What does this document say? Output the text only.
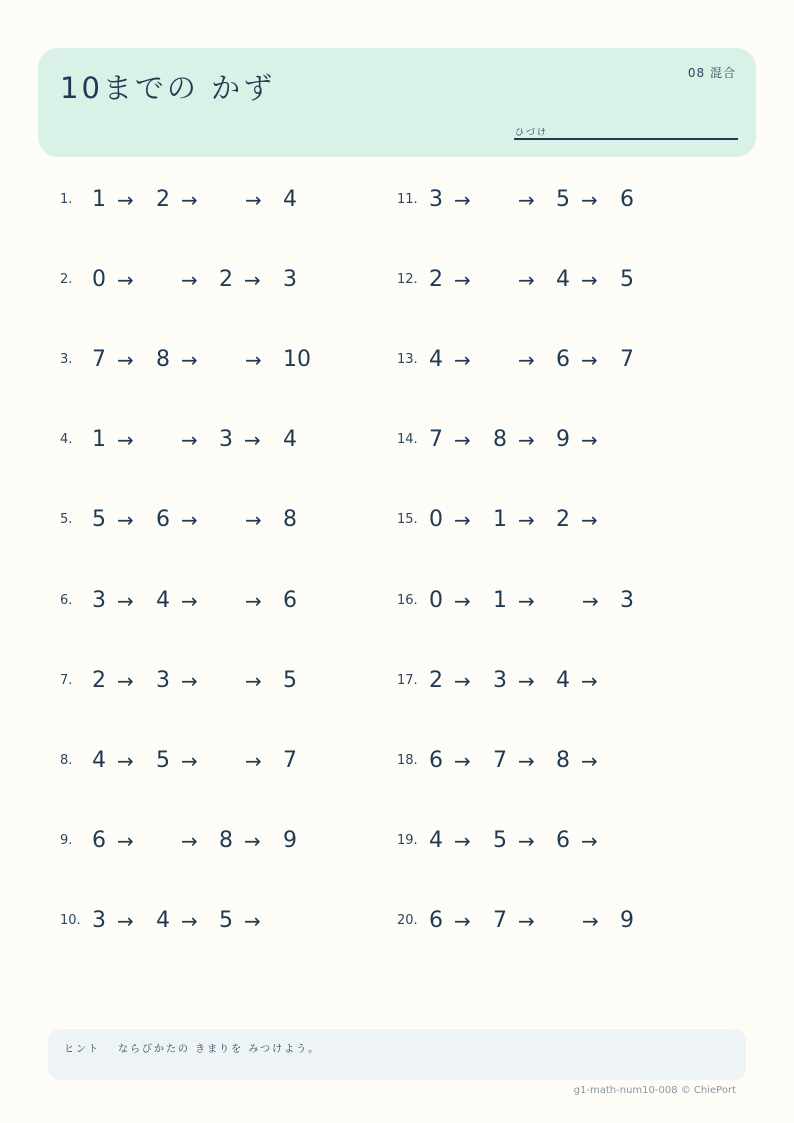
10までの かず	08 混合
ひづけ
1. 1 → 2 → → 4
2. 0 → → 2 → 3
3. 7 → 8 → → 10
4. 1 → → 3 → 4
5. 5 → 6 → → 8
6. 3 → 4 → → 6
7. 2 → 3 → → 5
8. 4 → 5 → → 7
9. 6 → → 8 → 9
10. 3 → 4 → 5 →
11. 3 → → 5 → 6
12. 2 → → 4 → 5
13. 4 → → 6 → 7
14. 7 → 8 → 9 →
15. 0 → 1 → 2 →
16. 0 → 1 → → 3
17. 2 → 3 → 4 →
18. 6 → 7 → 8 →
19. 4 → 5 → 6 →
20. 6 → 7 → → 9
ヒント ならびかたの きまりを みつけよう。
g1-math-num10-008 © ChiePort
